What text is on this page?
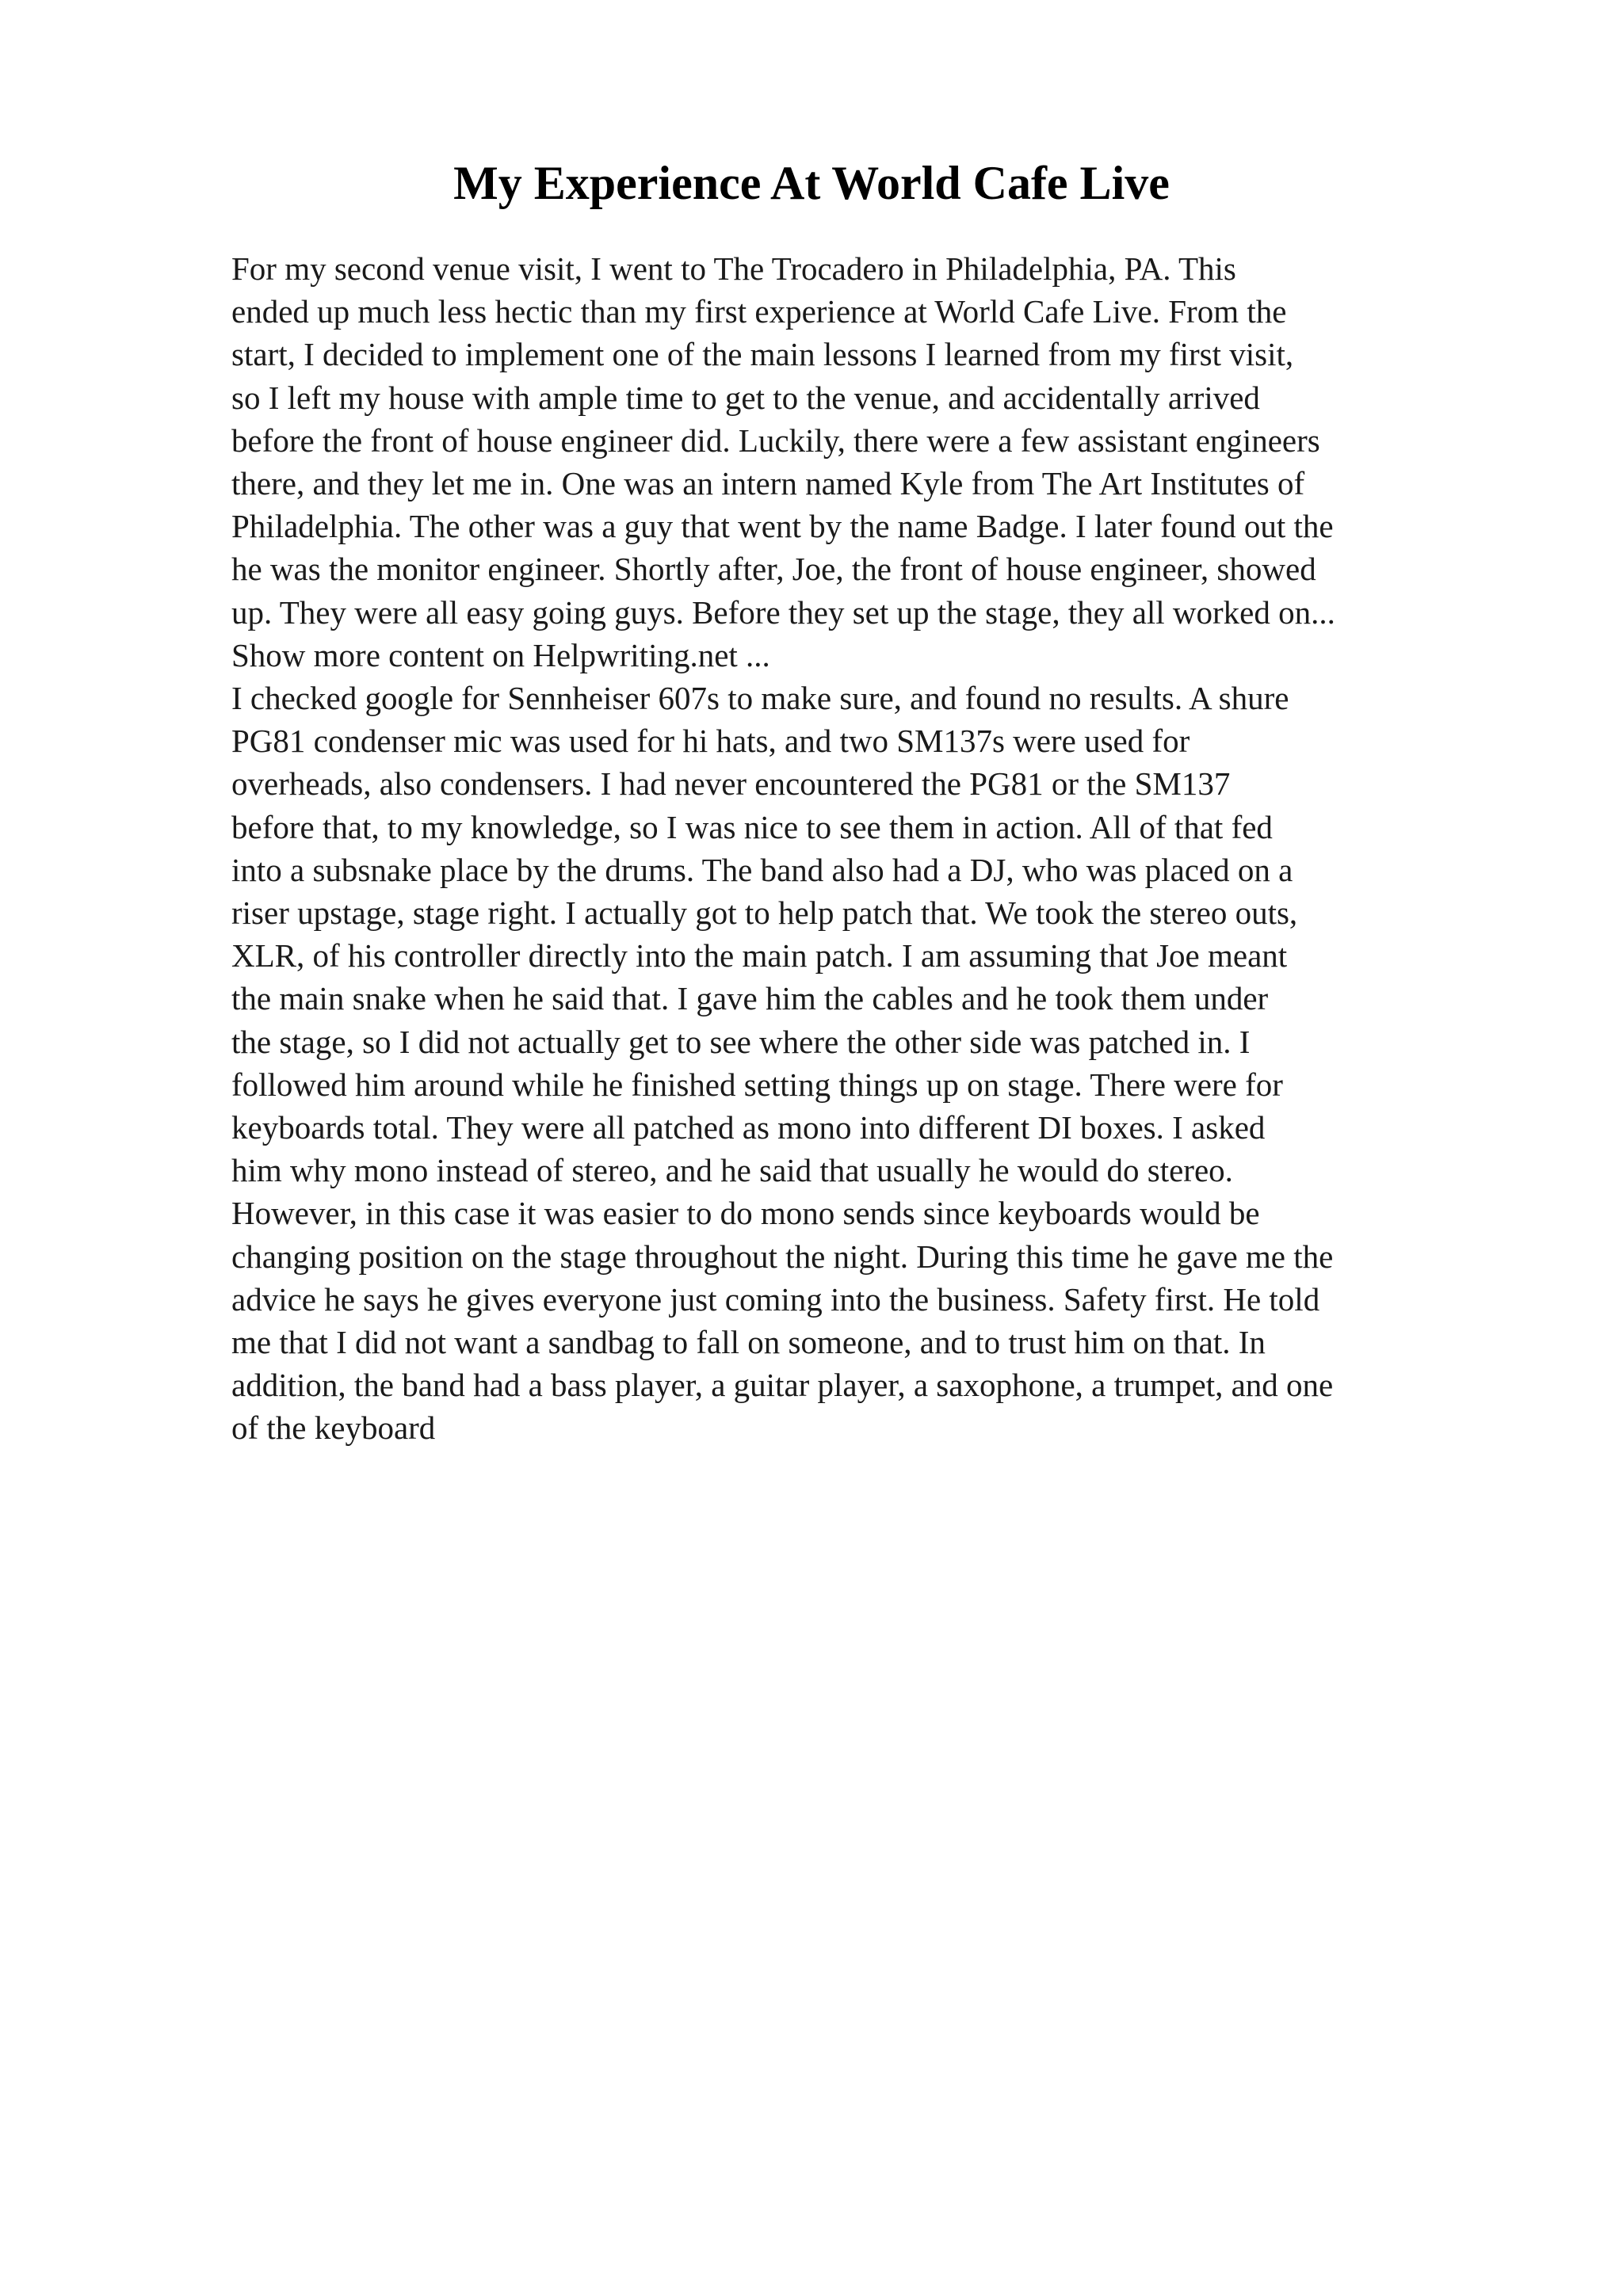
My Experience At World Cafe Live
For my second venue visit, I went to The Trocadero in Philadelphia, PA. This
ended up much less hectic than my first experience at World Cafe Live. From the
start, I decided to implement one of the main lessons I learned from my first visit,
so I left my house with ample time to get to the venue, and accidentally arrived
before the front of house engineer did. Luckily, there were a few assistant engineers
there, and they let me in. One was an intern named Kyle from The Art Institutes of
Philadelphia. The other was a guy that went by the name Badge. I later found out the
he was the monitor engineer. Shortly after, Joe, the front of house engineer, showed
up. They were all easy going guys. Before they set up the stage, they all worked on...
Show more content on Helpwriting.net ...
I checked google for Sennheiser 607s to make sure, and found no results. A shure
PG81 condenser mic was used for hi hats, and two SM137s were used for
overheads, also condensers. I had never encountered the PG81 or the SM137
before that, to my knowledge, so I was nice to see them in action. All of that fed
into a subsnake place by the drums. The band also had a DJ, who was placed on a
riser upstage, stage right. I actually got to help patch that. We took the stereo outs,
XLR, of his controller directly into the main patch. I am assuming that Joe meant
the main snake when he said that. I gave him the cables and he took them under
the stage, so I did not actually get to see where the other side was patched in. I
followed him around while he finished setting things up on stage. There were for
keyboards total. They were all patched as mono into different DI boxes. I asked
him why mono instead of stereo, and he said that usually he would do stereo.
However, in this case it was easier to do mono sends since keyboards would be
changing position on the stage throughout the night. During this time he gave me the
advice he says he gives everyone just coming into the business. Safety first. He told
me that I did not want a sandbag to fall on someone, and to trust him on that. In
addition, the band had a bass player, a guitar player, a saxophone, a trumpet, and one
of the keyboard
